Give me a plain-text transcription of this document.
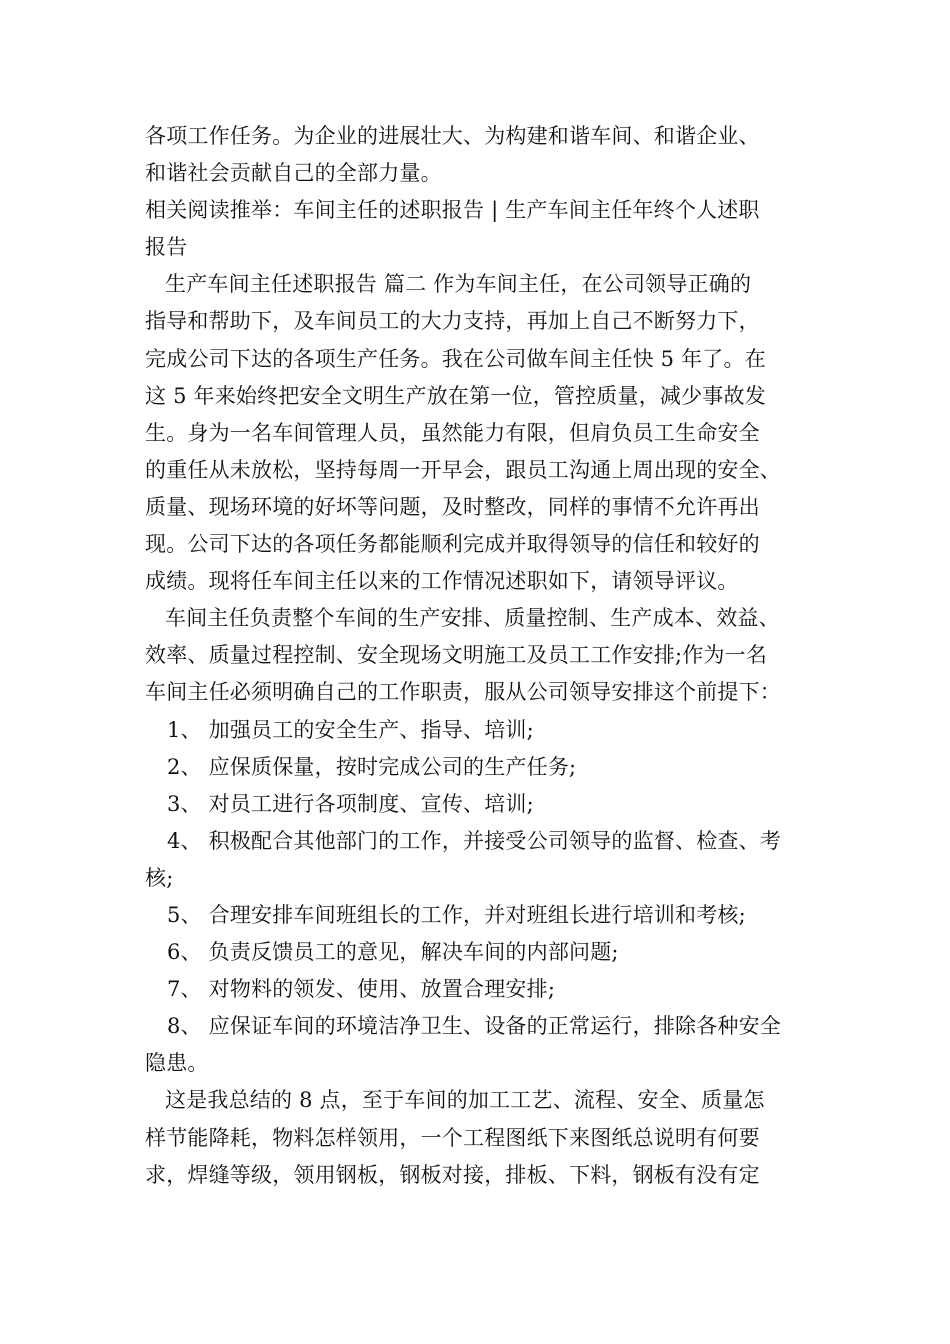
各项工作任务。为企业的进展壮大、为构建和谐车间、和谐企业、
和谐社会贡献自己的全部力量。
相关阅读推举：车间主任的述职报告 | 生产车间主任年终个人述职
报告
生产车间主任述职报告 篇二 作为车间主任，在公司领导正确的
指导和帮助下，及车间员工的大力支持，再加上自己不断努力下，
完成公司下达的各项生产任务。我在公司做车间主任快 5 年了。在
这 5 年来始终把安全文明生产放在第一位，管控质量，减少事故发
生。身为一名车间管理人员，虽然能力有限，但肩负员工生命安全
的重任从未放松，坚持每周一开早会，跟员工沟通上周出现的安全、
质量、现场环境的好坏等问题，及时整改，同样的事情不允许再出
现。公司下达的各项任务都能顺利完成并取得领导的信任和较好的
成绩。现将任车间主任以来的工作情况述职如下，请领导评议。
车间主任负责整个车间的生产安排、质量控制、生产成本、效益、
效率、质量过程控制、安全现场文明施工及员工工作安排;作为一名
车间主任必须明确自己的工作职责，服从公司领导安排这个前提下：
1、 加强员工的安全生产、指导、培训;
2、 应保质保量，按时完成公司的生产任务;
3、 对员工进行各项制度、宣传、培训;
4、 积极配合其他部门的工作，并接受公司领导的监督、检查、考
核;
5、 合理安排车间班组长的工作，并对班组长进行培训和考核;
6、 负责反馈员工的意见，解决车间的内部问题;
7、 对物料的领发、使用、放置合理安排;
8、 应保证车间的环境洁净卫生、设备的正常运行，排除各种安全
隐患。
这是我总结的 8 点，至于车间的加工工艺、流程、安全、质量怎
样节能降耗，物料怎样领用，一个工程图纸下来图纸总说明有何要
求，焊缝等级，领用钢板，钢板对接，排板、下料，钢板有没有定
